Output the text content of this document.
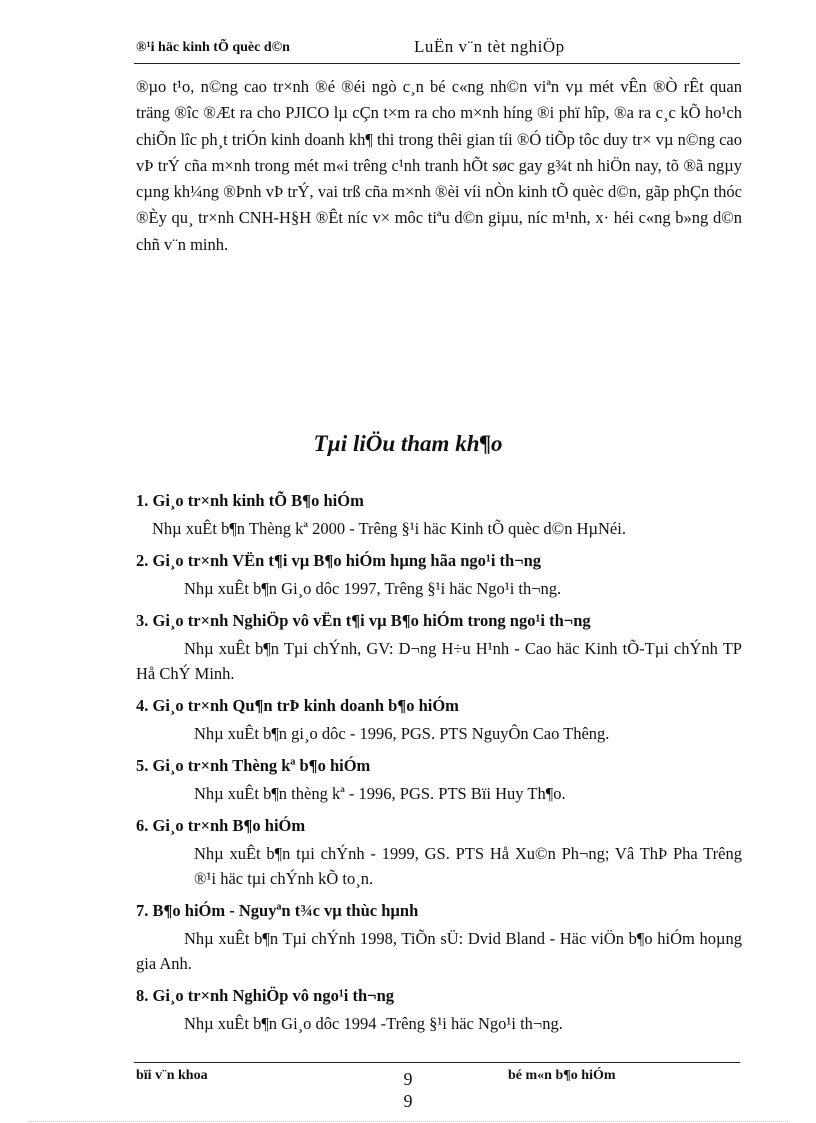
®¹i häc kinh tÕ quèc d©n	LuËn v¨n tèt nghiÖp

®µo t¹o, n©ng cao tr×nh ®é ®éi ngò c¸n bé c«ng nh©n viªn vµ mét vÊn ®Ò rÊt quan träng ®îc ®Æt ra cho PJICO lµ cÇn t×m ra cho m×nh híng ®i phï hîp, ®a ra c¸c kÕ ho¹ch chiÕn lîc ph¸t triÓn kinh doanh kh¶ thi trong thêi gian tíi ®Ó tiÕp tôc duy tr× vµ n©ng cao vÞ trÝ cña m×nh trong mét m«i trêng c¹nh tranh hÕt søc gay g¾t nh hiÖn nay, tõ ®ã ngµy cµng kh¼ng ®Þnh vÞ trÝ, vai trß cña m×nh ®èi víi nÒn kinh tÕ quèc d©n, gãp phÇn thóc ®Èy qu¸ tr×nh CNH-H§H ®Êt níc v× môc tiªu d©n giµu, níc m¹nh, x· héi c«ng b»ng d©n chñ v¨n minh.

Tµi liÖu tham kh¶o
1. Gi¸o tr×nh kinh tÕ B¶o hiÓm
Nhµ xuÊt b¶n Thèng kª 2000 - Trêng §¹i häc Kinh tÕ quèc d©n HµNéi.
2. Gi¸o tr×nh VËn t¶i vµ B¶o hiÓm hµng hãa ngo¹i th¬ng
Nhµ xuÊt b¶n Gi¸o dôc 1997, Trêng §¹i häc Ngo¹i th¬ng.
3. Gi¸o tr×nh NghiÖp vô vËn t¶i vµ B¶o hiÓm trong ngo¹i th¬ng
Nhµ xuÊt b¶n Tµi chÝnh, GV: D¬ng H÷u H¹nh - Cao häc Kinh tÕ-Tµi chÝnh TP Hå ChÝ Minh.
4. Gi¸o tr×nh Qu¶n trÞ kinh doanh b¶o hiÓm
Nhµ xuÊt b¶n gi¸o dôc - 1996, PGS. PTS NguyÔn Cao Thêng.
5. Gi¸o tr×nh Thèng kª b¶o hiÓm
Nhµ xuÊt b¶n thèng kª - 1996, PGS. PTS Bïi Huy Th¶o.
6. Gi¸o tr×nh B¶o hiÓm
Nhµ xuÊt b¶n tµi chÝnh - 1999, GS. PTS Hå Xu©n Ph¬ng; Vâ ThÞ Pha Trêng ®¹i häc tµi chÝnh kÕ to¸n.
7. B¶o hiÓm - Nguyªn t¾c vµ thùc hµnh
Nhµ xuÊt b¶n Tµi chÝnh 1998, TiÕn sÜ: Dvid Bland - Häc viÖn b¶o hiÓm hoµng gia Anh.
8. Gi¸o tr×nh NghiÖp vô ngo¹i th¬ng
Nhµ xuÊt b¶n Gi¸o dôc 1994 -Trêng §¹i häc Ngo¹i th¬ng.
bïi v¨n khoa	9
9
bé m«n b¶o hiÓm
